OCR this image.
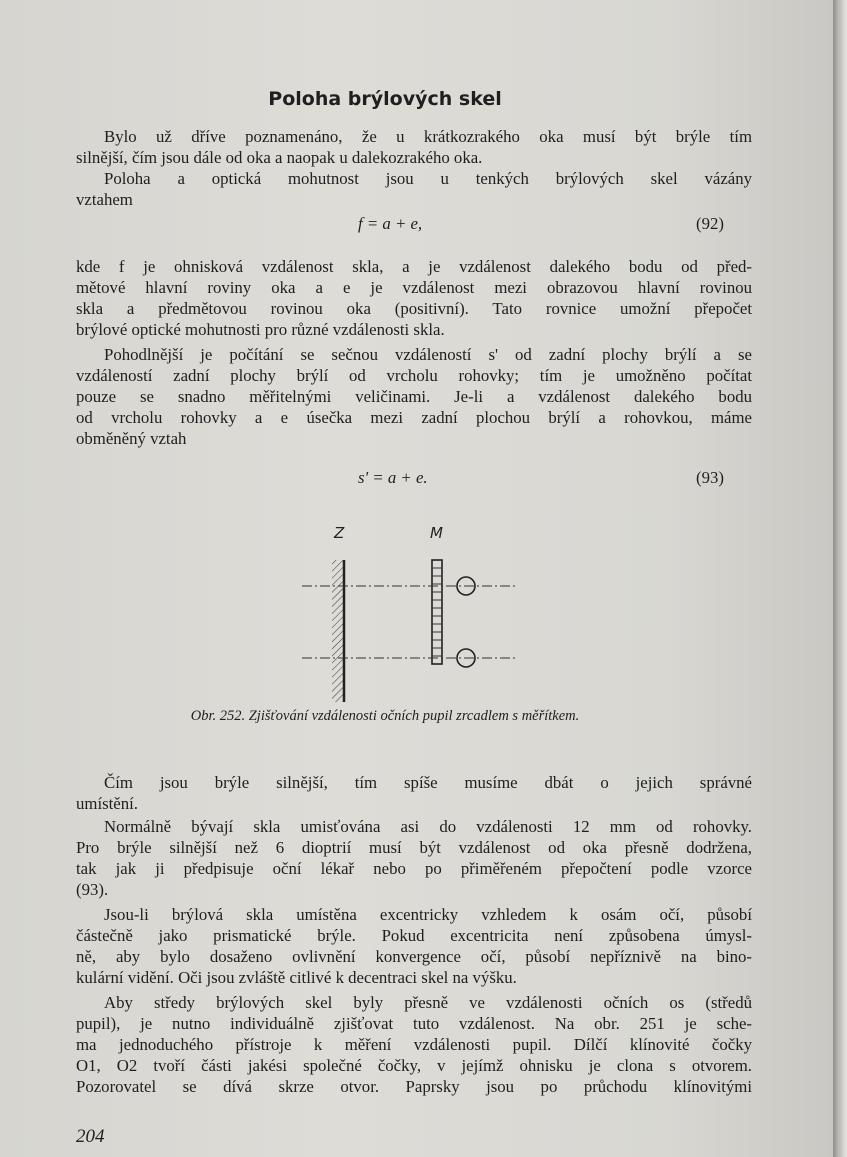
Poloha brýlových skel
Bylo už dříve poznamenáno, že u krátkozrakého oka musí být brýle tím
silnější, čím jsou dále od oka a naopak u dalekozrakého oka.
Poloha a optická mohutnost jsou u tenkých brýlových skel vázány
vztahem
f = a + e,	(92)
kde f je ohnisková vzdálenost skla, a je vzdálenost dalekého bodu od před-
mětové hlavní roviny oka a e je vzdálenost mezi obrazovou hlavní rovinou
skla a předmětovou rovinou oka (positivní). Tato rovnice umožní přepočet
brýlové optické mohutnosti pro různé vzdálenosti skla.
Pohodlnější je počítání se sečnou vzdáleností s' od zadní plochy brýlí a se
vzdáleností zadní plochy brýlí od vrcholu rohovky; tím je umožněno počítat
pouze se snadno měřitelnými veličinami. Je-li a vzdálenost dalekého bodu
od vrcholu rohovky a e úsečka mezi zadní plochou brýlí a rohovkou, máme
obměněný vztah
s' = a + e.	(93)
Z	M

Obr. 252. Zjišťování vzdálenosti očních pupil zrcadlem s měřítkem.

Čím jsou brýle silnější, tím spíše musíme dbát o jejich správné
umístění.
Normálně bývají skla umisťována asi do vzdálenosti 12 mm od rohovky.
Pro brýle silnější než 6 dioptrií musí být vzdálenost od oka přesně dodržena,
tak jak ji předpisuje oční lékař nebo po přiměřeném přepočtení podle vzorce
(93).
Jsou-li brýlová skla umístěna excentricky vzhledem k osám očí, působí
částečně jako prismatické brýle. Pokud excentricita není způsobena úmysl-
ně, aby bylo dosaženo ovlivnění konvergence očí, působí nepříznivě na bino-
kulární vidění. Oči jsou zvláště citlivé k decentraci skel na výšku.
Aby středy brýlových skel byly přesně ve vzdálenosti očních os (středů
pupil), je nutno individuálně zjišťovat tuto vzdálenost. Na obr. 251 je sche-
ma jednoduchého přístroje k měření vzdálenosti pupil. Dílčí klínovité čočky
O1, O2 tvoří části jakési společné čočky, v jejímž ohnisku je clona s otvorem.
Pozorovatel se dívá skrze otvor. Paprsky jsou po průchodu klínovitými

204
